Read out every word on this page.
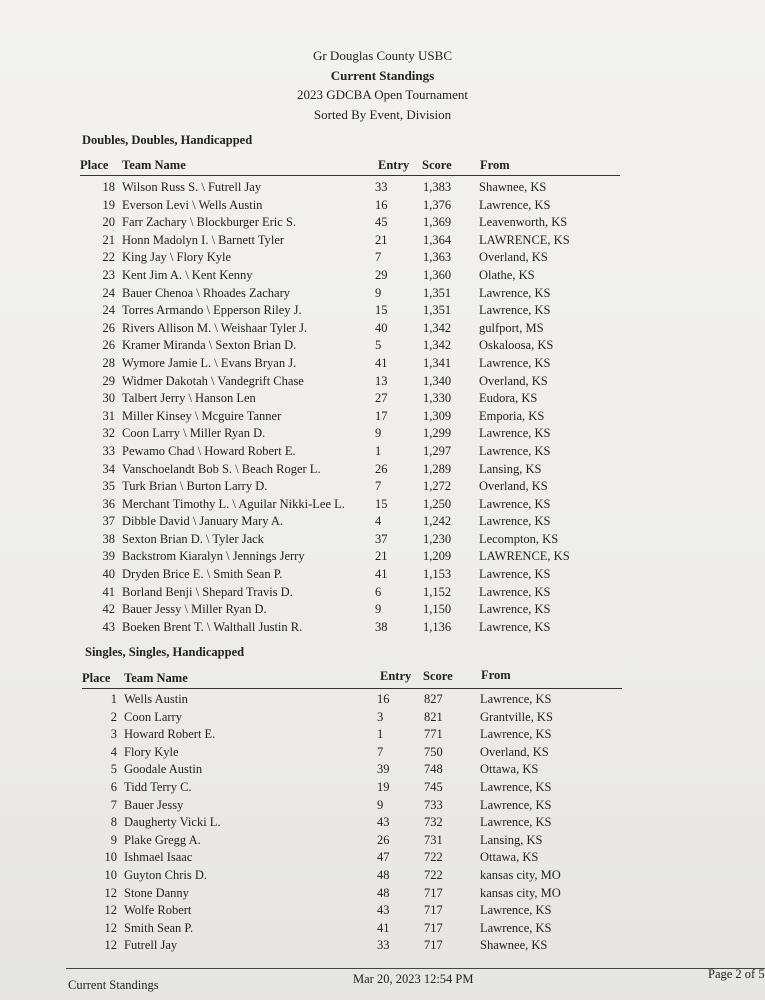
Gr Douglas County USBC
Current Standings
2023 GDCBA Open Tournament
Sorted By Event, Division
Doubles, Doubles, Handicapped
Place Team Name	Entry Score From
18 Wilson Russ S. \ Futrell Jay	33	1,383 Shawnee, KS
19 Everson Levi \ Wells Austin	16	1,376 Lawrence, KS
20 Farr Zachary \ Blockburger Eric S.	45	1,369 Leavenworth, KS
21 Honn Madolyn I. \ Barnett Tyler	21	1,364 LAWRENCE, KS
22 King Jay \ Flory Kyle	7	1,363 Overland, KS
23 Kent Jim A. \ Kent Kenny	29	1,360 Olathe, KS
24 Bauer Chenoa \ Rhoades Zachary	9	1,351 Lawrence, KS
24 Torres Armando \ Epperson Riley J.	15	1,351 Lawrence, KS
26 Rivers Allison M. \ Weishaar Tyler J.	40	1,342 gulfport, MS
26 Kramer Miranda \ Sexton Brian D.	5	1,342 Oskaloosa, KS
28 Wymore Jamie L. \ Evans Bryan J.	41	1,341 Lawrence, KS
29 Widmer Dakotah \ Vandegrift Chase	13	1,340 Overland, KS
30 Talbert Jerry \ Hanson Len	27	1,330 Eudora, KS
31 Miller Kinsey \ Mcguire Tanner	17	1,309 Emporia, KS
32 Coon Larry \ Miller Ryan D.	9	1,299 Lawrence, KS
33 Pewamo Chad \ Howard Robert E.	1	1,297 Lawrence, KS
34 Vanschoelandt Bob S. \ Beach Roger L.	26	1,289 Lansing, KS
35 Turk Brian \ Burton Larry D.	7	1,272 Overland, KS
36 Merchant Timothy L. \ Aguilar Nikki-Lee L. 15	1,250 Lawrence, KS
37 Dibble David \ January Mary A.	4	1,242 Lawrence, KS
38 Sexton Brian D. \ Tyler Jack	37	1,230 Lecompton, KS
39 Backstrom Kiaralyn \ Jennings Jerry	21	1,209 LAWRENCE, KS
40 Dryden Brice E. \ Smith Sean P.	41	1,153 Lawrence, KS
41 Borland Benji \ Shepard Travis D.	6	1,152 Lawrence, KS
42 Bauer Jessy \ Miller Ryan D.	9	1,150 Lawrence, KS
43 Boeken Brent T. \ Walthall Justin R.	38	1,136 Lawrence, KS
Singles, Singles, Handicapped
Place Team Name	Entry Score From
1 Wells Austin	16	827	Lawrence, KS
2 Coon Larry	3	821	Grantville, KS
3 Howard Robert E.	1	771	Lawrence, KS
4 Flory Kyle	7	750	Overland, KS
5 Goodale Austin	39	748	Ottawa, KS
6 Tidd Terry C.	19	745	Lawrence, KS
7 Bauer Jessy	9	733	Lawrence, KS
8 Daugherty Vicki L.	43	732	Lawrence, KS
9 Plake Gregg A.	26	731	Lansing, KS
10 Ishmael Isaac	47	722	Ottawa, KS
10 Guyton Chris D.	48	722	kansas city, MO
12 Stone Danny	48	717	kansas city, MO
12 Wolfe Robert	43	717	Lawrence, KS
12 Smith Sean P.	41	717	Lawrence, KS
12 Futrell Jay	33	717	Shawnee, KS
Current Standings	Mar 20, 2023 12:54 PM	Page 2 of 5
